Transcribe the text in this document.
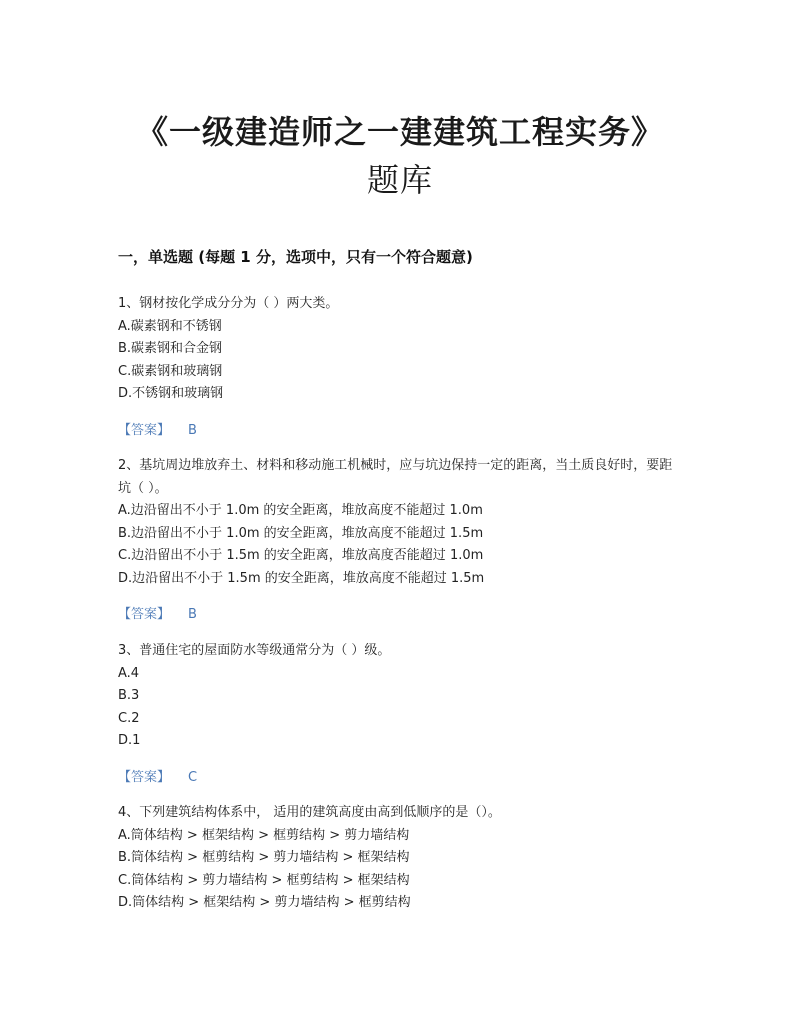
《一级建造师之一建建筑工程实务》
题库
一，单选题 (每题 1 分，选项中，只有一个符合题意)

1、钢材按化学成分分为（ ）两大类。

A.碳素钢和不锈钢

B.碳素钢和合金钢

C.碳素钢和玻璃钢

D.不锈钢和玻璃钢

【答案】 B

2、基坑周边堆放弃土、材料和移动施工机械时，应与坑边保持一定的距离，当土质良好时，要距坑（ ）。

A.边沿留出不小于 1.0m 的安全距离，堆放高度不能超过 1.0m

B.边沿留出不小于 1.0m 的安全距离，堆放高度不能超过 1.5m

C.边沿留出不小于 1.5m 的安全距离，堆放高度否能超过 1.0m

D.边沿留出不小于 1.5m 的安全距离，堆放高度不能超过 1.5m

【答案】 B

3、普通住宅的屋面防水等级通常分为（ ）级。

A.4

B.3

C.2

D.1

【答案】 C

4、下列建筑结构体系中， 适用的建筑高度由高到低顺序的是（）。

A.筒体结构 > 框架结构 > 框剪结构 > 剪力墙结构

B.筒体结构 > 框剪结构 > 剪力墙结构 > 框架结构

C.筒体结构 > 剪力墙结构 > 框剪结构 > 框架结构

D.筒体结构 > 框架结构 > 剪力墙结构 > 框剪结构
